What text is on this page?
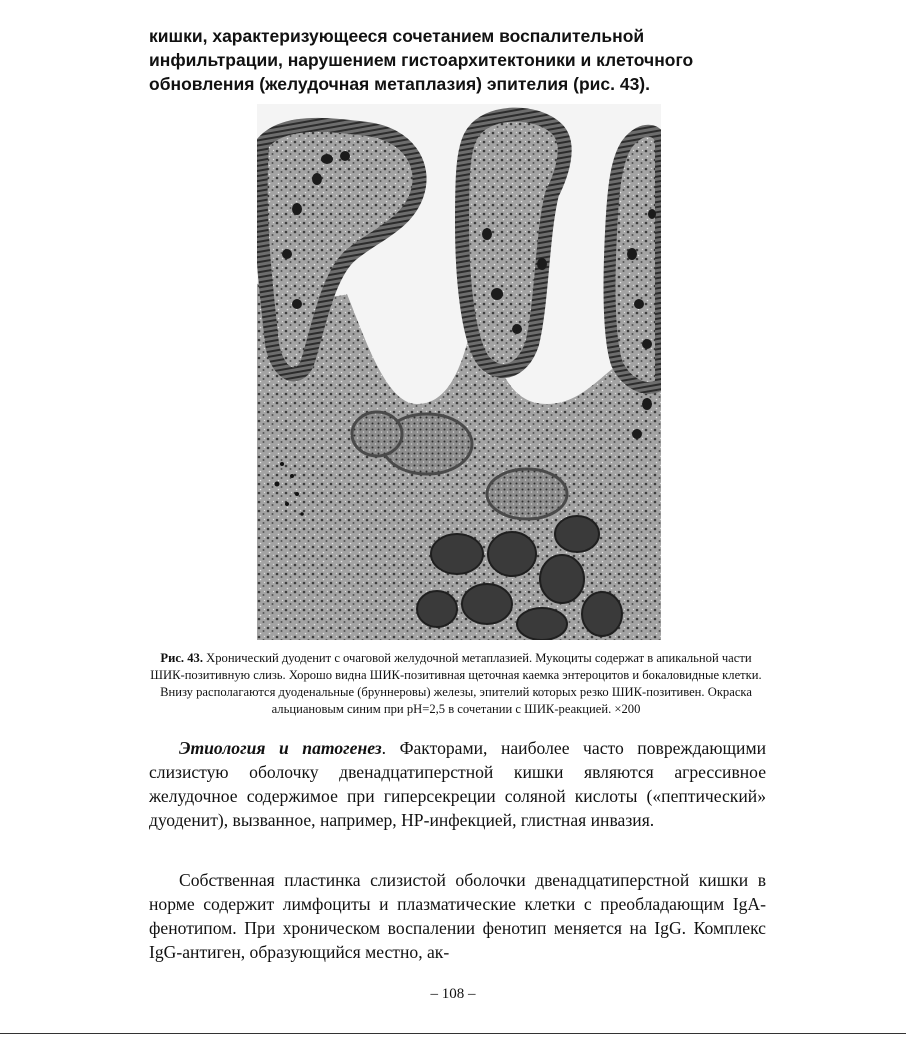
кишки, характеризующееся сочетанием воспалительной инфильтрации, нарушением гистоархитектоники и клеточного обновления (желудочная метаплазия) эпителия (рис. 43).

Рис. 43. Хронический дуоденит с очаговой желудочной метаплазией. Мукоциты содержат в апикальной части ШИК-позитивную слизь. Хорошо видна ШИК-позитивная щеточная каемка энтероцитов и бокаловидные клетки. Внизу располагаются дуоденальные (бруннеровы) железы, эпителий которых резко ШИК-позитивен. Окраска альциановым синим при pH=2,5 в сочетании с ШИК-реакцией. ×200

Этиология и патогенез. Факторами, наиболее часто повреждающими слизистую оболочку двенадцатиперстной кишки являются агрессивное желудочное содержимое при гиперсекреции соляной кислоты («пептический» дуоденит), вызванное, например, HP-инфекцией, глистная инвазия.

Собственная пластинка слизистой оболочки двенадцатиперстной кишки в норме содержит лимфоциты и плазматические клетки с преобладающим IgA-фенотипом. При хроническом воспалении фенотип меняется на IgG. Комплекс IgG-антиген, образующийся местно, ак-

– 108 –
